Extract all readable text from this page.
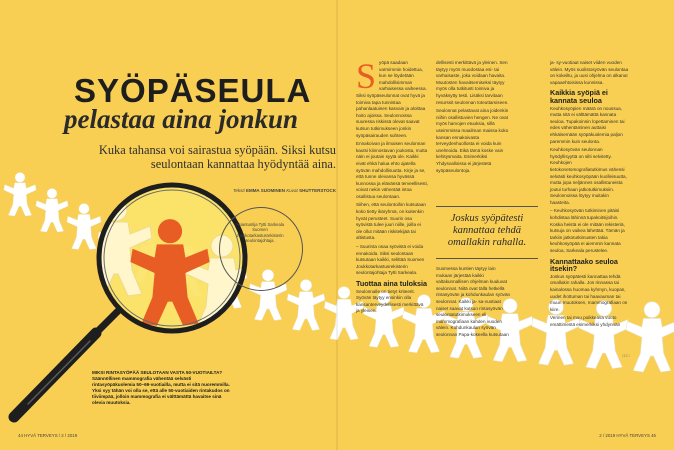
SYÖPÄSEULA
pelastaa aina jonkun
Kuka tahansa voi sairastua syöpään. Siksi kutsu seulontaan kannattaa hyödyntää aina.
Teksti EMMA SUOMINEN Kuvat SHUTTERSTOCK
Asiantuntija Tytti Sarkeala Suomen Joukkotarkastusrekisterin seulontajohtaja.

Syöpä saadaan varmimmin hoidettua, kun se löydetään mahdollisimman varhaisessa vaiheessa. Siksi syöpäseulonnat ovat hyvä ja toimiva tapa tunnistaa pahanlaatuinen kasvain ja aloittaa hoito ajoissa. Seulonnoissa suuressa riskissä olevat saavat kutsun tutkimukseen jonkin syöpäsairauden suhteen.

Ennakoivan ja ilmaisen seulonnan kautsi kiinnostavan joukosta, mutta näin ei joutain syytä ole. Kaikki eivät ehkä halua ehto ajatella syövän mahdollisuutta. Kirje ja se, että tunne olevansa hyvässä kunnossa ja elävänsä terveellisesti, voivat nekin vähentää intoa osallistua seulontaan.

Siihen, että seulontoihin kutsutaan koko tietty ikäryhmä, on kuitenkin hyvät perusteet. Suurin osa syövistä tulee juuri niille, joilla ei ole ollut mitään riskitekijää tai altistusta.

– Suurinta osaa syövistä ei voida ennakoida. Siksi seulontaan kutsutaan kaikki, selittää Suomen Joukkotarkastusrekisterin seulontajohtaja Tytti Sarkeala.

Tuottaa aina tuloksia

Seulonnalle on tietyt kriteerit. Syövän täytyy ensinkin olla kansanterveydellisesti merkittävä ja yleinen.

dellisesti merkittävä ja yleinen. Sen täytyy myös muodostaa esi- tai varhaisaste, joka voidaan havaita. Muutosten havaitsemiseksi täytyy myös olla tutkitusti toimiva ja hyväksytty testi. Lisäksi tarvitaan resurssit seulonnan toteuttamiseen.

Seulonnat pelastavat aina joidenkin niihin osallistuvien hengen. Ne ovat myös harvojen etuuksia, sillä useimmissa maailman maissa koko kansan ennakoivasta terveydenhuollosta ei voida kuin unelmoida. Eikä tämä koske vain kehitysmaita. Esimerkiksi Yhdysvalloissa ei järjestetä syöpäseulontoja.

Joskus syöpätesti kannattaa tehdä omallakin rahalla.

Suomessa kuntien täytyy lain mukaan järjestää kaikki valtakunnallisen ohjelman kuuluvat seulonnat. Niitä ovat tällä hetkellä rintasyövän ja kohdunkaulan syövän seulonnat. Kaikki ja- sa-vuotiaat naiset saavat kutsun rintasyövän seulontatutkimukseen eli mammografiaan kahden vuoden välein. Kohdunkaulan syövän seulonnan Papa-kokeella kutsutaan

ja- sy-vuotiaat naiset viiden vuoden välein. Myös suolistosyövän seulontaa on kokeiltu, ja uusi ohjelma on alkanut vapaaehtoisissa kunnissa.

Kaikkia syöpiä ei kannata seuloa

Keuhkosyöpien määrä on noussua, mutta sitä ei välttämättä kannata seuloa. Tupakoinnin lopettaminen tai edes vähentäminen auttaisi ehkäisemään syöpäkuolemia paljon paremmin kuin seulonta.

Keuhkosyövän seulonnan hyödyllisyyttä on silti selvitetty. Keuhkojen tietokonetomografiatutkimus vähensi selvästi keuhkosyöpään kuolleisuutta, mutta jopa neljännes osallistuneista joutui turhaan jatkotutkimuksiin. Seulonnoissa löytyy muitakin haasteita.

– Keuhkosyövän tutkiminen pitäisi kohdistaa lähinnä tupakoitsijoihin. Koska heistä ei ole mitään rekisteriä, kutsuja on vaikea lähettää. Tämän ja tarkiin jatkotutkimusten takia keuhkosyöpää ei aiemmin kannata seuloa, Sarkeala perustelee.

Kannattaako seuloa itsekin?

Joskus syöpätesti kannattaa tehdä omallakin rahalla. Jos rinnassa tai kainalossa huomaa kyhmyn, kuopan, uudet ihottuman tai haavauman tai muun muutoksen, mammografiaan on kiire.

Verinen tai muu poikkeava vuoto emättimestä esimerkiksi yhdynnän

□□□
MIKSI RINTASYÖPÄÄ SEULOTAAN VASTA 50-VUOTIAILTA?
Säännöllinen mammografia vähentää selvästi rintasyöpäkuolemia 50–69-vuotiailla, mutta ei sitä nuoremmilla. Yksi syy tähän voi olla se, että alle 50-vuotiaiden rintakudos on tiiviimpää, jolloin mammografia ei välttämättä havaitse sinä olevia muutoksia.
44 HYVÄ TERVEYS / 2 / 2019	2 / 2019 HYVÄ TERVEYS 45
